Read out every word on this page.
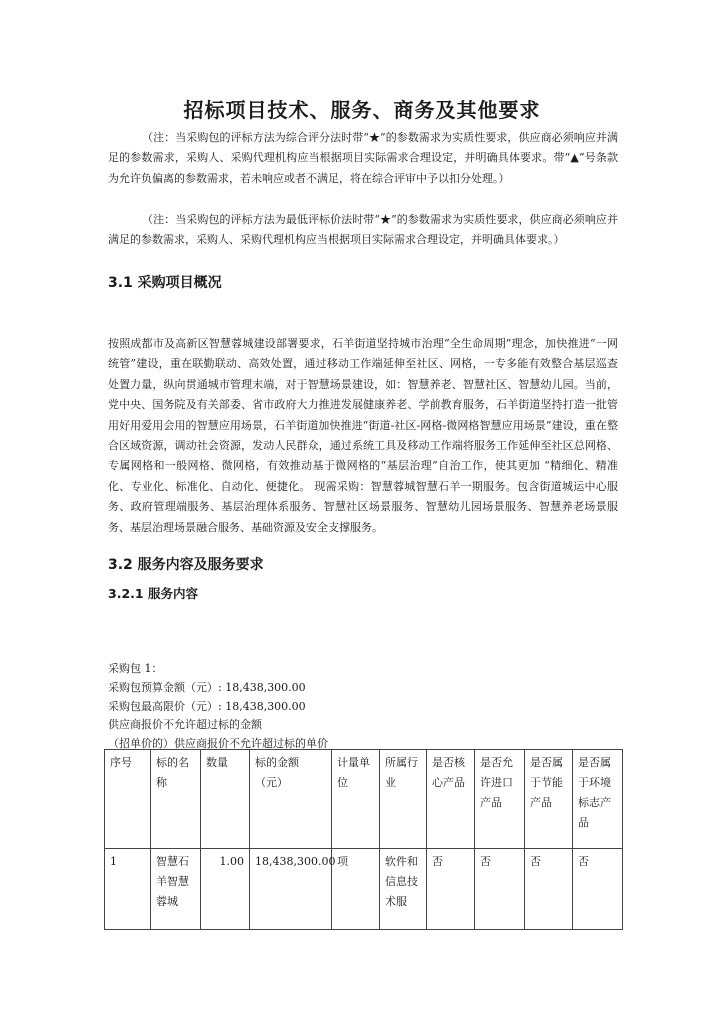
招标项目技术、服务、商务及其他要求

（注：当采购包的评标方法为综合评分法时带“★”的参数需求为实质性要求，供应商必须响应并满足的参数需求，采购人、采购代理机构应当根据项目实际需求合理设定，并明确具体要求。带“▲”号条款为允许负偏离的参数需求，若未响应或者不满足，将在综合评审中予以扣分处理。）

（注：当采购包的评标方法为最低评标价法时带“★”的参数需求为实质性要求，供应商必须响应并满足的参数需求，采购人、采购代理机构应当根据项目实际需求合理设定，并明确具体要求。）

3.1 采购项目概况

按照成都市及高新区智慧蓉城建设部署要求，石羊街道坚持城市治理“全生命周期”理念，加快推进“一网统管”建设，重在联勤联动、高效处置，通过移动工作端延伸至社区、网格，一专多能有效整合基层巡查处置力量，纵向贯通城市管理末端，对于智慧场景建设，如：智慧养老、智慧社区、智慧幼儿园。当前，党中央、国务院及有关部委、省市政府大力推进发展健康养老、学前教育服务，石羊街道坚持打造一批管用好用爱用会用的智慧应用场景，石羊街道加快推进“街道-社区-网格-微网格智慧应用场景”建设，重在整合区域资源，调动社会资源，发动人民群众，通过系统工具及移动工作端将服务工作延伸至社区总网格、专属网格和一般网格、微网格，有效推动基于微网格的“基层治理”自治工作，使其更加 “精细化、精准化、专业化、标准化、自动化、便捷化。 现需采购：智慧蓉城智慧石羊一期服务。包含街道城运中心服务、政府管理端服务、基层治理体系服务、智慧社区场景服务、智慧幼儿园场景服务、智慧养老场景服务、基层治理场景融合服务、基础资源及安全支撑服务。

3.2 服务内容及服务要求
3.2.1 服务内容
采购包 1：
采购包预算金额（元）: 18,438,300.00
采购包最高限价（元）: 18,438,300.00
供应商报价不允许超过标的金额
（招单价的）供应商报价不允许超过标的单价
序号	标的名称	数量	标的金额（元）	计量单位	所属行业	是否核心产品	是否允许进口产品	是否属于节能产品	是否属于环境标志产品
1	智慧石羊智慧蓉城	1.00	18,438,300.00	项	软件和信息技术服	否	否	否	否
